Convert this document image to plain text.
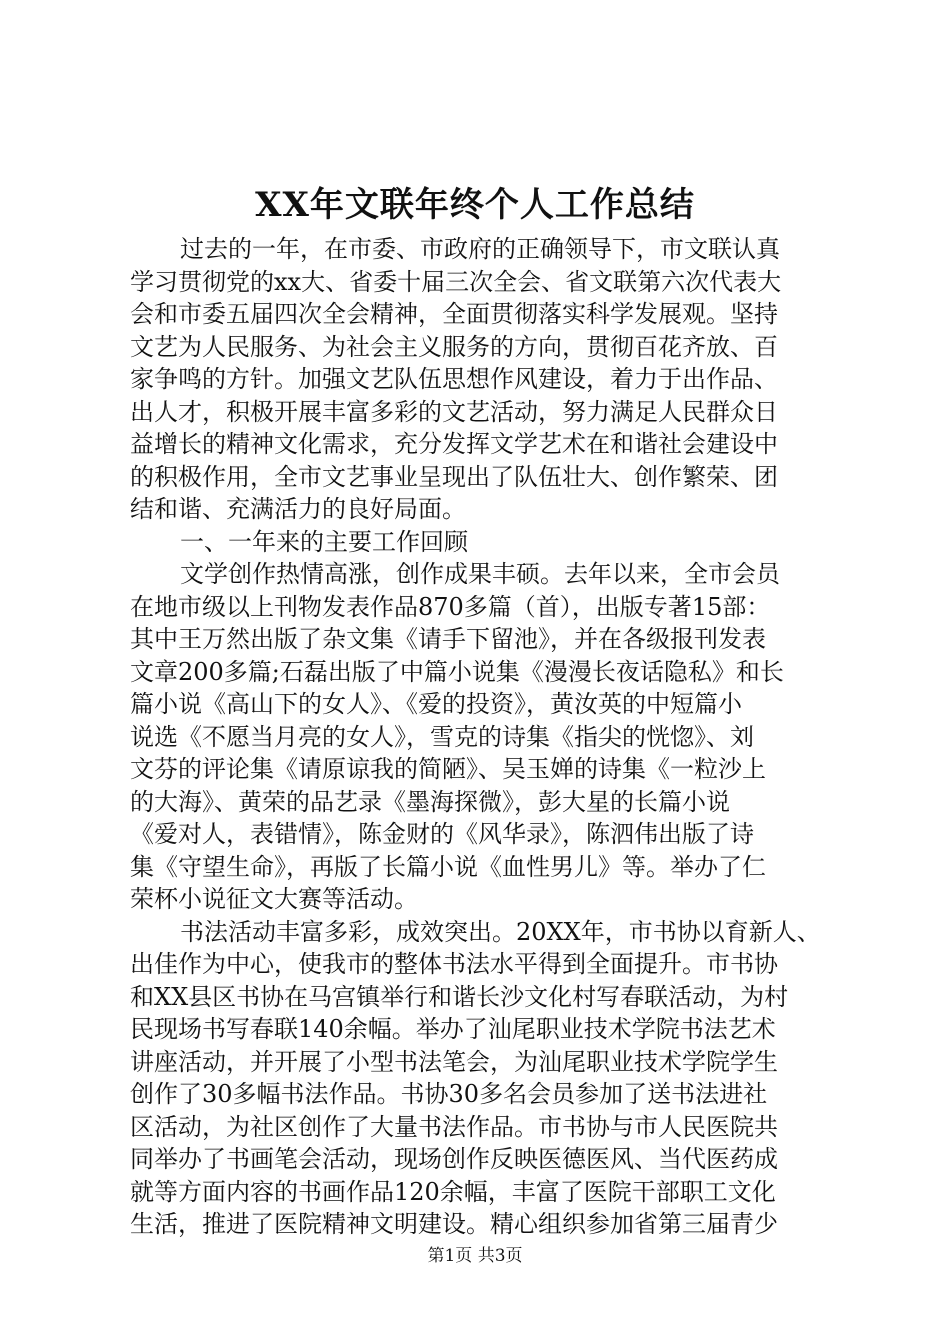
XX年文联年终个人工作总结
过去的一年，在市委、市政府的正确领导下，市文联认真
学习贯彻党的xx大、省委十届三次全会、省文联第六次代表大
会和市委五届四次全会精神，全面贯彻落实科学发展观。坚持
文艺为人民服务、为社会主义服务的方向，贯彻百花齐放、百
家争鸣的方针。加强文艺队伍思想作风建设，着力于出作品、
出人才，积极开展丰富多彩的文艺活动，努力满足人民群众日
益增长的精神文化需求，充分发挥文学艺术在和谐社会建设中
的积极作用，全市文艺事业呈现出了队伍壮大、创作繁荣、团
结和谐、充满活力的良好局面。
一、一年来的主要工作回顾
文学创作热情高涨，创作成果丰硕。去年以来，全市会员
在地市级以上刊物发表作品870多篇（首），出版专著15部：
其中王万然出版了杂文集《请手下留池》，并在各级报刊发表
文章200多篇;石磊出版了中篇小说集《漫漫长夜话隐私》和长
篇小说《高山下的女人》、《爱的投资》，黄汝英的中短篇小
说选《不愿当月亮的女人》，雪克的诗集《指尖的恍惚》、刘
文芬的评论集《请原谅我的简陋》、吴玉婵的诗集《一粒沙上
的大海》、黄荣的品艺录《墨海探微》，彭大星的长篇小说
《爱对人，表错情》，陈金财的《风华录》，陈泗伟出版了诗
集《守望生命》，再版了长篇小说《血性男儿》等。举办了仁
荣杯小说征文大赛等活动。
书法活动丰富多彩，成效突出。20XX年，市书协以育新人、
出佳作为中心，使我市的整体书法水平得到全面提升。市书协
和XX县区书协在马宫镇举行和谐长沙文化村写春联活动，为村
民现场书写春联140余幅。举办了汕尾职业技术学院书法艺术
讲座活动，并开展了小型书法笔会，为汕尾职业技术学院学生
创作了30多幅书法作品。书协30多名会员参加了送书法进社
区活动，为社区创作了大量书法作品。市书协与市人民医院共
同举办了书画笔会活动，现场创作反映医德医风、当代医药成
就等方面内容的书画作品120余幅，丰富了医院干部职工文化
生活，推进了医院精神文明建设。精心组织参加省第三届青少
第1页 共3页
